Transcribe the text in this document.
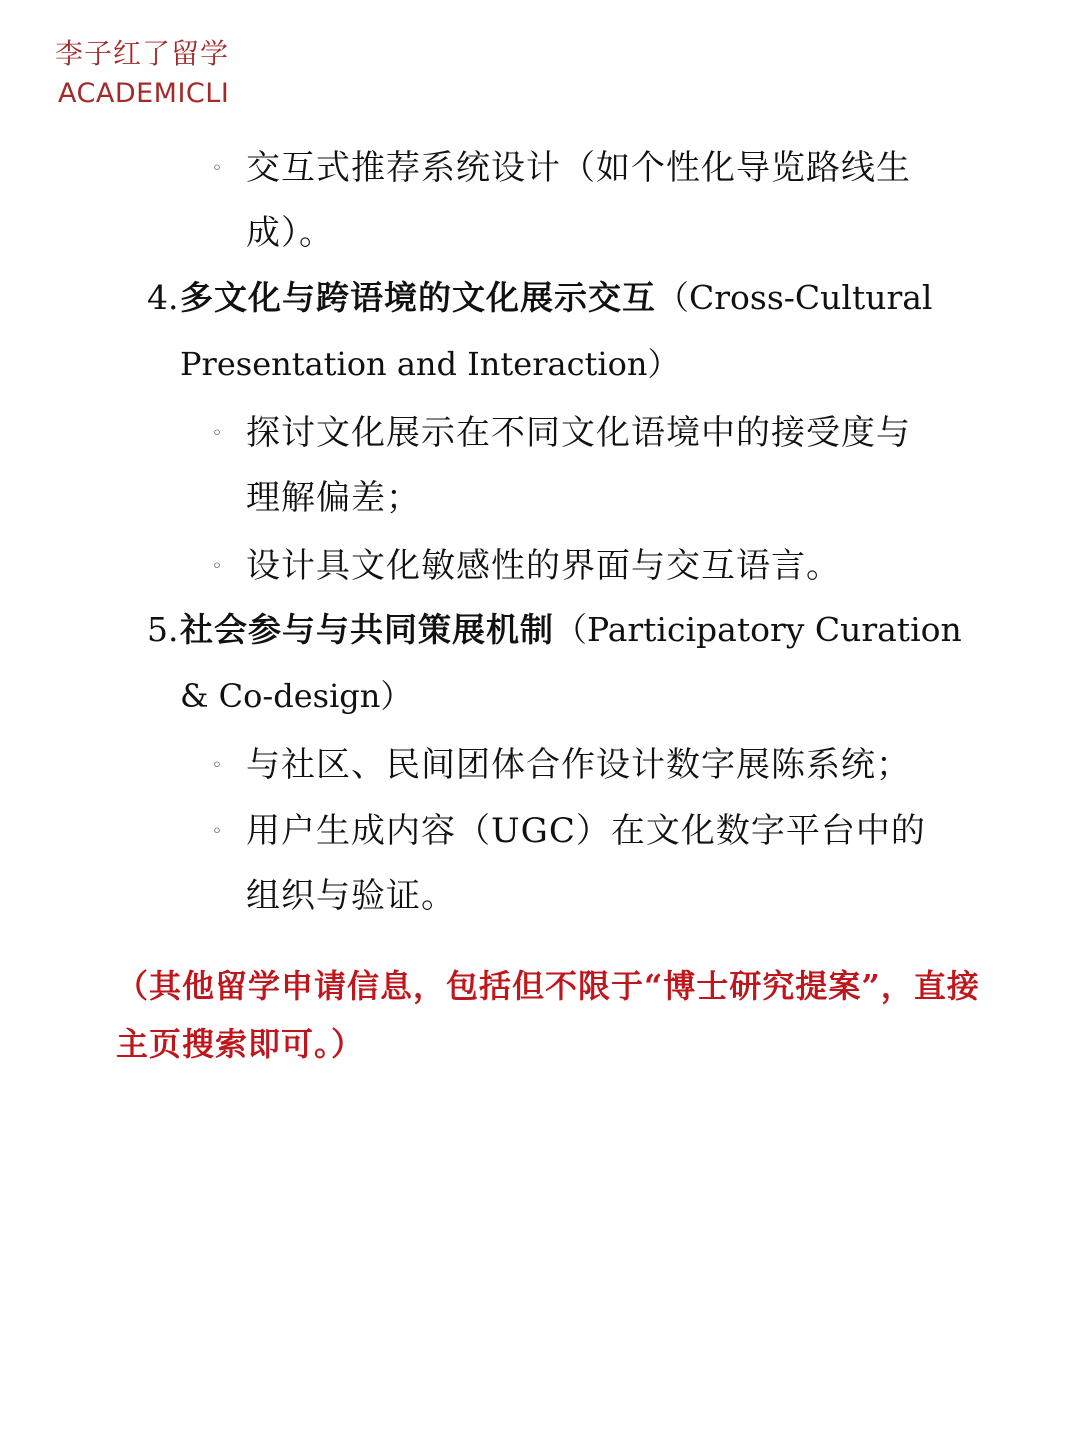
李子红了留学
ACADEMICLI
◦ 交互式推荐系统设计（如个性化导览路线生
成）。
4. 多文化与跨语境的文化展示交互（Cross-Cultural
Presentation and Interaction）
◦ 探讨文化展示在不同文化语境中的接受度与
理解偏差；
◦ 设计具文化敏感性的界面与交互语言。
5. 社会参与与共同策展机制（Participatory Curation
& Co-design）
◦ 与社区、民间团体合作设计数字展陈系统；
◦ 用户生成内容（UGC）在文化数字平台中的
组织与验证。
（其他留学申请信息，包括但不限于“博士研究提案”，直接
主页搜索即可。）
